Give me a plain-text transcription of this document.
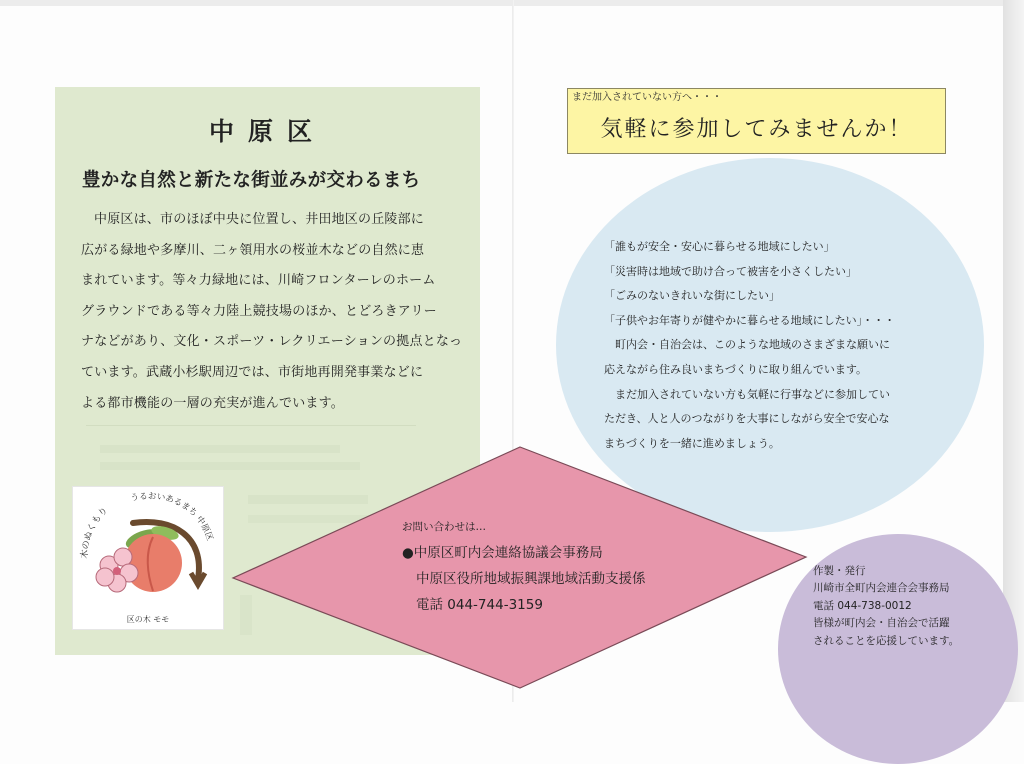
中原区
豊かな自然と新たな街並みが交わるまち
中原区は、市のほぼ中央に位置し、井田地区の丘陵部に
広がる緑地や多摩川、二ヶ領用水の桜並木などの自然に恵
まれています。等々力緑地には、川崎フロンターレのホーム
グラウンドである等々力陸上競技場のほか、とどろきアリー
ナなどがあり、文化・スポーツ・レクリエーションの拠点となっ
ています。武蔵小杉駅周辺では、市街地再開発事業などに
よる都市機能の一層の充実が進んでいます。
木のぬくもり
うるおいあるまち 中原区
区の木 モモ
まだ加入されていない方へ・・・
気軽に参加してみませんか！
「誰もが安全・安心に暮らせる地域にしたい」
「災害時は地域で助け合って被害を小さくしたい」
「ごみのないきれいな街にしたい」
「子供やお年寄りが健やかに暮らせる地域にしたい」・・・
　町内会・自治会は、このような地域のさまざまな願いに
応えながら住み良いまちづくりに取り組んでいます。
　まだ加入されていない方も気軽に行事などに参加してい
ただき、人と人のつながりを大事にしながら安全で安心な
まちづくりを一緒に進めましょう。
作製・発行
川崎市全町内会連合会事務局
電話 044-738-0012
皆様が町内会・自治会で活躍
されることを応援しています。
お問い合わせは…
●中原区町内会連絡協議会事務局
中原区役所地域振興課地域活動支援係
電話 044-744-3159
